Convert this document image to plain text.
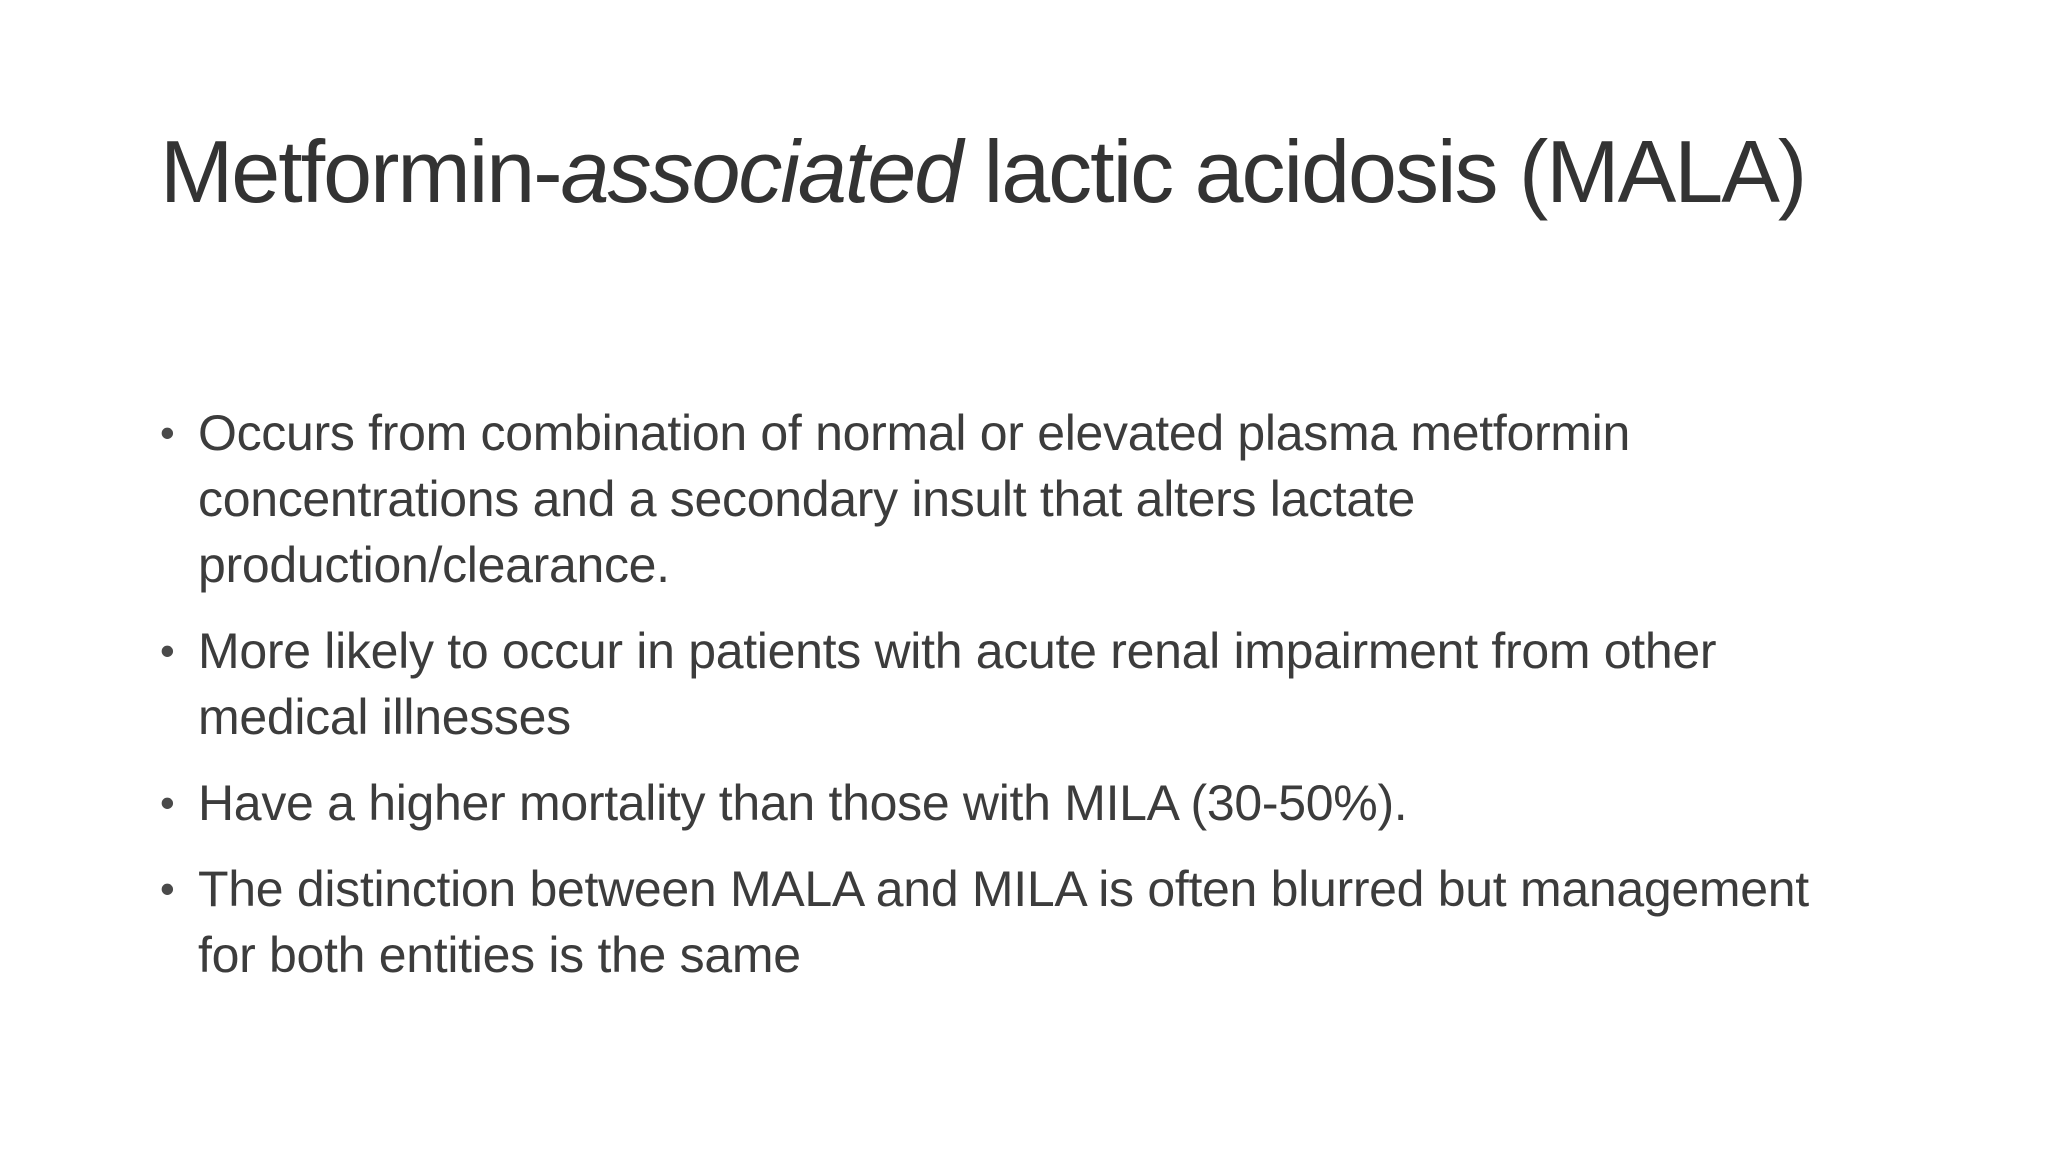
Metformin-associated lactic acidosis (MALA)
• Occurs from combination of normal or elevated plasma metformin concentrations and a secondary insult that alters lactate production/clearance.
• More likely to occur in patients with acute renal impairment from other medical illnesses
• Have a higher mortality than those with MILA (30-50%).
• The distinction between MALA and MILA is often blurred but management for both entities is the same
